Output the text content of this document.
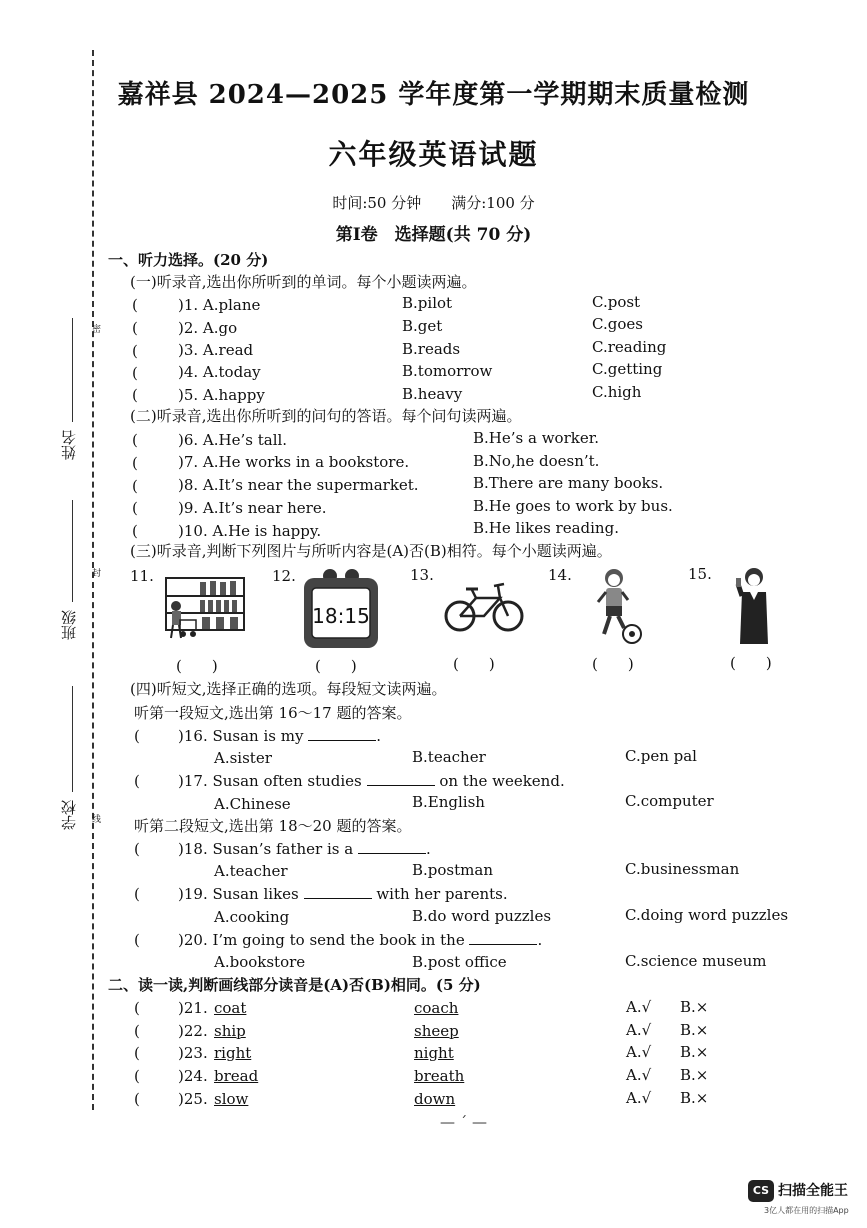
姓名
班级
学校
密
封
线
嘉祥县 2024—2025 学年度第一学期期末质量检测
六年级英语试题
时间:50 分钟　　满分:100 分
第Ⅰ卷　选择题(共 70 分)
一、听力选择。(20 分)
(一)听录音,选出你所听到的单词。每个小题读两遍。
(	)1. A.plane	B.pilot	C.post
(	)2. A.go	B.get	C.goes
(	)3. A.read	B.reads	C.reading
(	)4. A.today	B.tomorrow	C.getting
(	)5. A.happy	B.heavy	C.high
(二)听录音,选出你所听到的问句的答语。每个问句读两遍。
(	)6. A.He’s tall.	B.He’s a worker.
(	)7. A.He works in a bookstore.	B.No,he doesn’t.
(	)8. A.It’s near the supermarket.	B.There are many books.
(	)9. A.It’s near here.	B.He goes to work by bus.
(	)10. A.He is happy.	B.He likes reading.
(三)听录音,判断下列图片与所听内容是(A)否(B)相符。每个小题读两遍。
11.	12.	13.	14.	15.
18:15
(　　)	(　　)	(　　)	(　　)	(　　)
(四)听短文,选择正确的选项。每段短文读两遍。
听第一段短文,选出第 16～17 题的答案。
(	)16. Susan is my	.
A.sister	B.teacher	C.pen pal
(	)17. Susan often studies	on the weekend.
A.Chinese	B.English	C.computer
听第二段短文,选出第 18～20 题的答案。
(	)18. Susan’s father is a	.
A.teacher	B.postman	C.businessman
(	)19. Susan likes	with her parents.
A.cooking	B.do word puzzles	C.doing word puzzles
(	)20. I’m going to send the book in the	.
A.bookstore	B.post office	C.science museum
二、读一读,判断画线部分读音是(A)否(B)相同。(5 分)
(	)21. coat	coach	A.√ B.×
(	)22. ship	sheep	A.√ B.×
(	)23. right	night	A.√ B.×
(	)24. bread	breath	A.√ B.×
(	)25. slow	down	A.√ B.×
— ˊ —
CS 扫描全能王
3亿人都在用的扫描App
